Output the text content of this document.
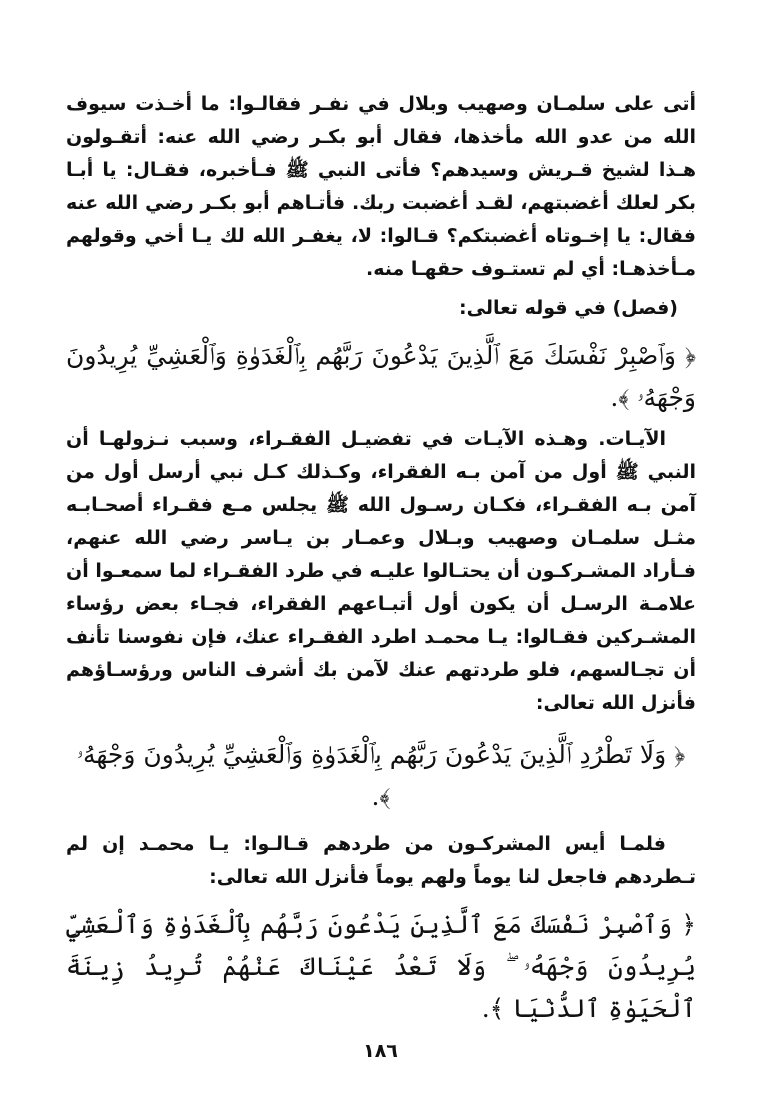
أتى على سلمـان وصهيب وبلال في نفـر فقالـوا: ما أخـذت سيوف الله من عدو الله مأخذها، فقال أبو بكـر رضي الله عنه: أتقـولون هـذا لشيخ قـريش وسيدهم؟ فأتى النبي ﷺ فـأخبره، فقـال: يا أبـا بكر لعلك أغضبتهم، لقـد أغضبت ربك. فأتـاهم أبو بكـر رضي الله عنه فقال: يا إخـوتاه أغضبتكم؟ قـالوا: لا، يغفـر الله لك يـا أخي وقولهم مـأخذهـا: أي لم تستـوف حقهـا منه.

(فصل) في قوله تعالى:

﴿ وَٱصْبِرْ نَفْسَكَ مَعَ ٱلَّذِينَ يَدْعُونَ رَبَّهُم بِٱلْغَدَوٰةِ وَٱلْعَشِيِّ يُرِيدُونَ وَجْهَهُۥ ﴾.

الآيـات. وهـذه الآيـات في تفضيـل الفقـراء، وسبب نـزولهـا أن النبي ﷺ أول من آمن بـه الفقراء، وكـذلك كـل نبي أرسل أول من آمن بـه الفقـراء، فكـان رسـول الله ﷺ يجلس مـع فقـراء أصحـابـه مثـل سلمـان وصهيب وبـلال وعمـار بن يـاسر رضي الله عنهم، فـأراد المشـركـون أن يحتـالوا عليـه في طرد الفقـراء لما سمعـوا أن علامـة الرسـل أن يكون أول أتبـاعهم الفقراء، فجـاء بعض رؤساء المشـركين فقـالوا: يـا محمـد اطرد الفقـراء عنك، فإن نفوسنا تأنف أن تجـالسهم، فلو طردتهم عنك لآمن بك أشرف الناس ورؤسـاؤهم فأنزل الله تعالى:

﴿ وَلَا تَطْرُدِ ٱلَّذِينَ يَدْعُونَ رَبَّهُم بِٱلْغَدَوٰةِ وَٱلْعَشِيِّ يُرِيدُونَ وَجْهَهُۥ ﴾.

فلمـا أيس المشركـون من طردهم قـالـوا: يـا محمـد إن لم تـطردهم فاجعل لنا يوماً ولهم يوماً فأنزل الله تعالى:

﴿ وَٱصْبِرْ نَفْسَكَ مَعَ ٱلَّذِينَ يَدْعُونَ رَبَّهُم بِٱلْغَدَوٰةِ وَٱلْعَشِيِّ يُرِيدُونَ وَجْهَهُۥ ۖ وَلَا تَعْدُ عَيْنَاكَ عَنْهُمْ تُرِيدُ زِينَةَ ٱلْحَيَوٰةِ ٱلدُّنْيَا ﴾.

١٨٦
